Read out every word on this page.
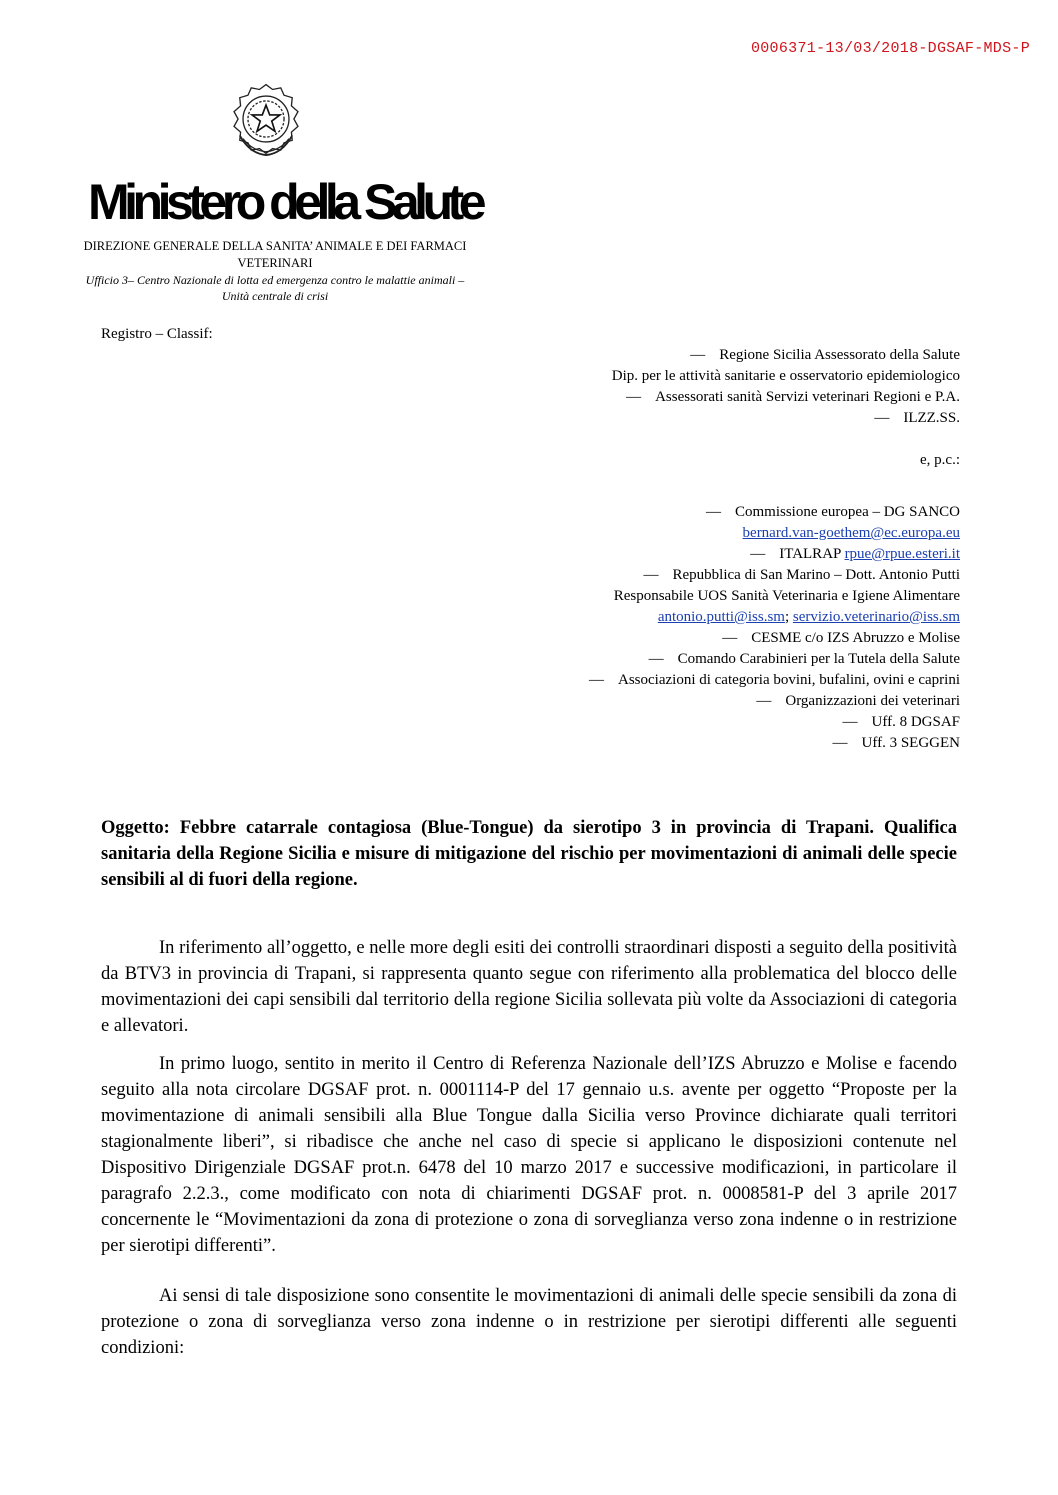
0006371-13/03/2018-DGSAF-MDS-P
Ministero della Salute
DIREZIONE GENERALE DELLA SANITA’ ANIMALE E DEI FARMACI
VETERINARI
Ufficio 3– Centro Nazionale di lotta ed emergenza contro le malattie animali –
Unità centrale di crisi
Registro – Classif:
— Regione Sicilia Assessorato della Salute
Dip. per le attività sanitarie e osservatorio epidemiologico
— Assessorati sanità Servizi veterinari Regioni e P.A.
— ILZZ.SS.
e, p.c.:
— Commissione europea – DG SANCO
bernard.van-goethem@ec.europa.eu
— ITALRAP rpue@rpue.esteri.it
— Repubblica di San Marino – Dott. Antonio Putti
Responsabile UOS Sanità Veterinaria e Igiene Alimentare
antonio.putti@iss.sm; servizio.veterinario@iss.sm
— CESME c/o IZS Abruzzo e Molise
— Comando Carabinieri per la Tutela della Salute
— Associazioni di categoria bovini, bufalini, ovini e caprini
— Organizzazioni dei veterinari
— Uff. 8 DGSAF
— Uff. 3 SEGGEN
Oggetto: Febbre catarrale contagiosa (Blue-Tongue) da sierotipo 3 in provincia di Trapani. Qualifica sanitaria della Regione Sicilia e misure di mitigazione del rischio per movimentazioni di animali delle specie sensibili al di fuori della regione.

In riferimento all’oggetto, e nelle more degli esiti dei controlli straordinari disposti a seguito della positività da BTV3 in provincia di Trapani, si rappresenta quanto segue con riferimento alla problematica del blocco delle movimentazioni dei capi sensibili dal territorio della regione Sicilia sollevata più volte da Associazioni di categoria e allevatori.

In primo luogo, sentito in merito il Centro di Referenza Nazionale dell’IZS Abruzzo e Molise e facendo seguito alla nota circolare DGSAF prot. n. 0001114-P del 17 gennaio u.s. avente per oggetto “Proposte per la movimentazione di animali sensibili alla Blue Tongue dalla Sicilia verso Province dichiarate quali territori stagionalmente liberi”, si ribadisce che anche nel caso di specie si applicano le disposizioni contenute nel Dispositivo Dirigenziale DGSAF prot.n. 6478 del 10 marzo 2017 e successive modificazioni, in particolare il paragrafo 2.2.3., come modificato con nota di chiarimenti DGSAF prot. n. 0008581-P del 3 aprile 2017 concernente le “Movimentazioni da zona di protezione o zona di sorveglianza verso zona indenne o in restrizione per sierotipi differenti”.

Ai sensi di tale disposizione sono consentite le movimentazioni di animali delle specie sensibili da zona di protezione o zona di sorveglianza verso zona indenne o in restrizione per sierotipi differenti alle seguenti condizioni:
